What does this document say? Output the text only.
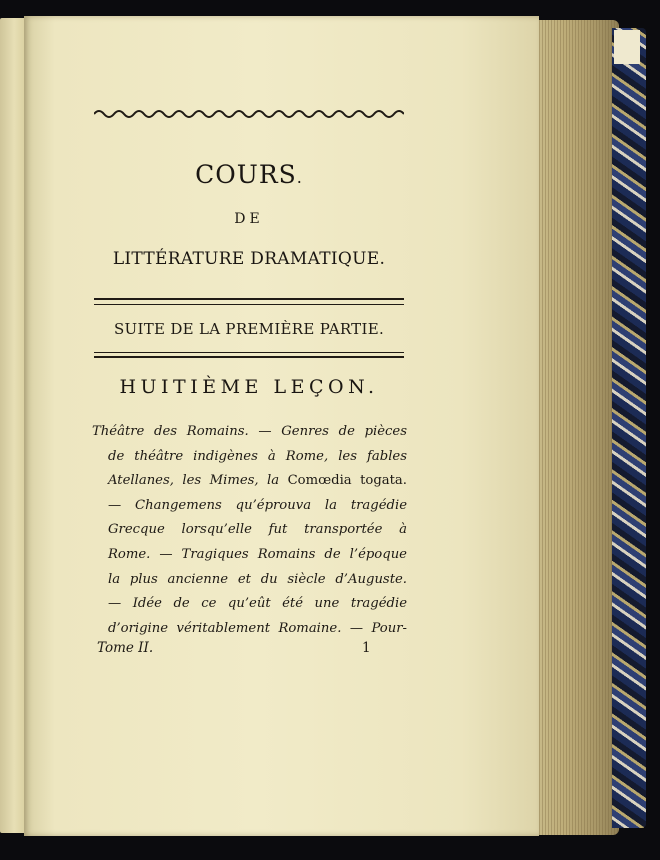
COURS.
DE
LITTÉRATURE DRAMATIQUE.
SUITE DE LA PREMIÈRE PARTIE.
HUITIÈME LEÇON.
Théâtre des Romains. — Genres de pièces
de théâtre indigènes à Rome, les fables
Atellanes, les Mimes, la Comœdia togata.
— Changemens qu’éprouva la tragédie
Grecque lorsqu’elle fut transportée à
Rome. — Tragiques Romains de l’époque
la plus ancienne et du siècle d’Auguste.
— Idée de ce qu’eût été une tragédie
d’origine véritablement Romaine. — Pour-
Tome II.	1
